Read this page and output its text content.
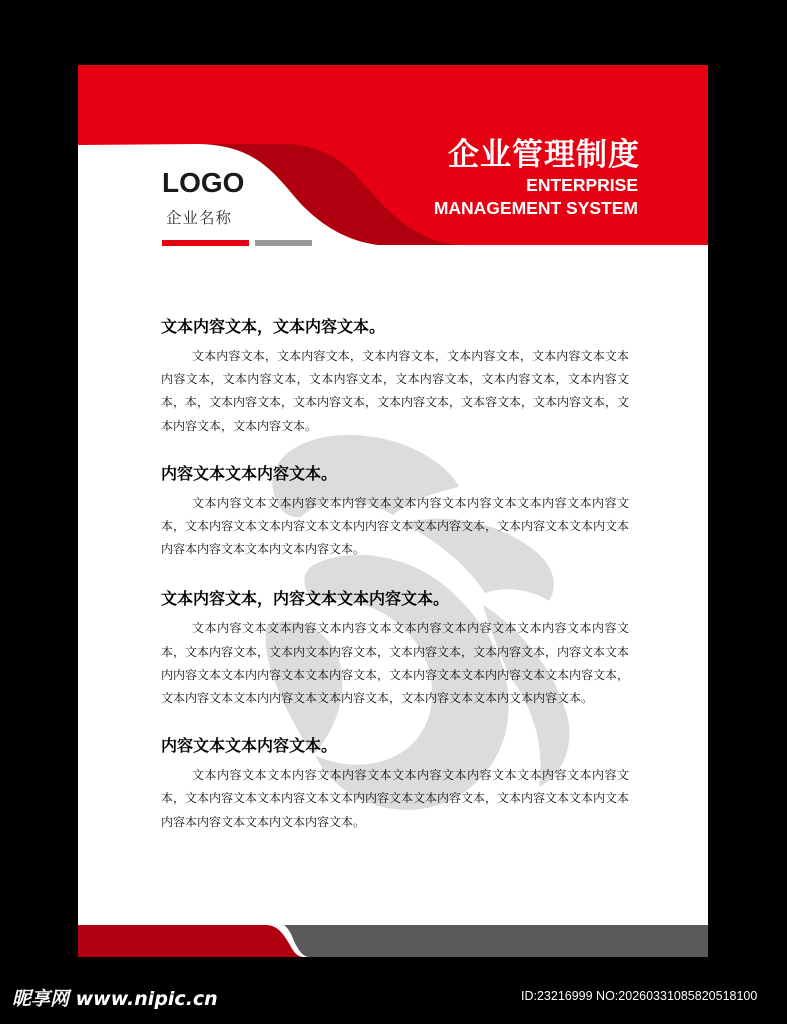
企业管理制度
ENTERPRISE
MANAGEMENT SYSTEM
LOGO
企业名称
文本内容文本，文本内容文本。

文本内容文本，文本内容文本，文本内容文本，文本内容文本，文本内容文本文本内容文本，文本内容文本，文本内容文本，文本内容文本，文本内容文本，文本内容文本，本，文本内容文本，文本内容文本，文本内容文本，文本容文本，文本内容文本，文本内容文本，文本内容文本。

内容文本文本内容文本。

文本内容文本文本内容文本内容文本文本内容文本内容文本文本内容文本内容文本，文本内容文本文本内容文本文本内内容文本文本内容文本，文本内容文本文本内文本内容本内容文本文本内文本内容文本。

文本内容文本，内容文本文本内容文本。

文本内容文本文本内容文本内容文本文本内容文本内容文本文本内容文本内容文本，文本内容文本，文本内文本内容文本，文本内容文本，文本内容文本，内容文本文本内内容文本文本内内容文本文本内容文本，文本内容文本文本内内容文本文本内容文本，文本内容文本文本内内容文本文本内容文本，文本内容文本文本内文本内容文本。

内容文本文本内容文本。

文本内容文本文本内容文本内容文本文本内容文本内容文本文本内容文本内容文本，文本内容文本文本内容文本文本内内容文本文本内容文本，文本内容文本文本内文本内容本内容文本文本内文本内容文本。

昵享网 www.nipic.cn	ID:23216999 NO:20260331085820518100
